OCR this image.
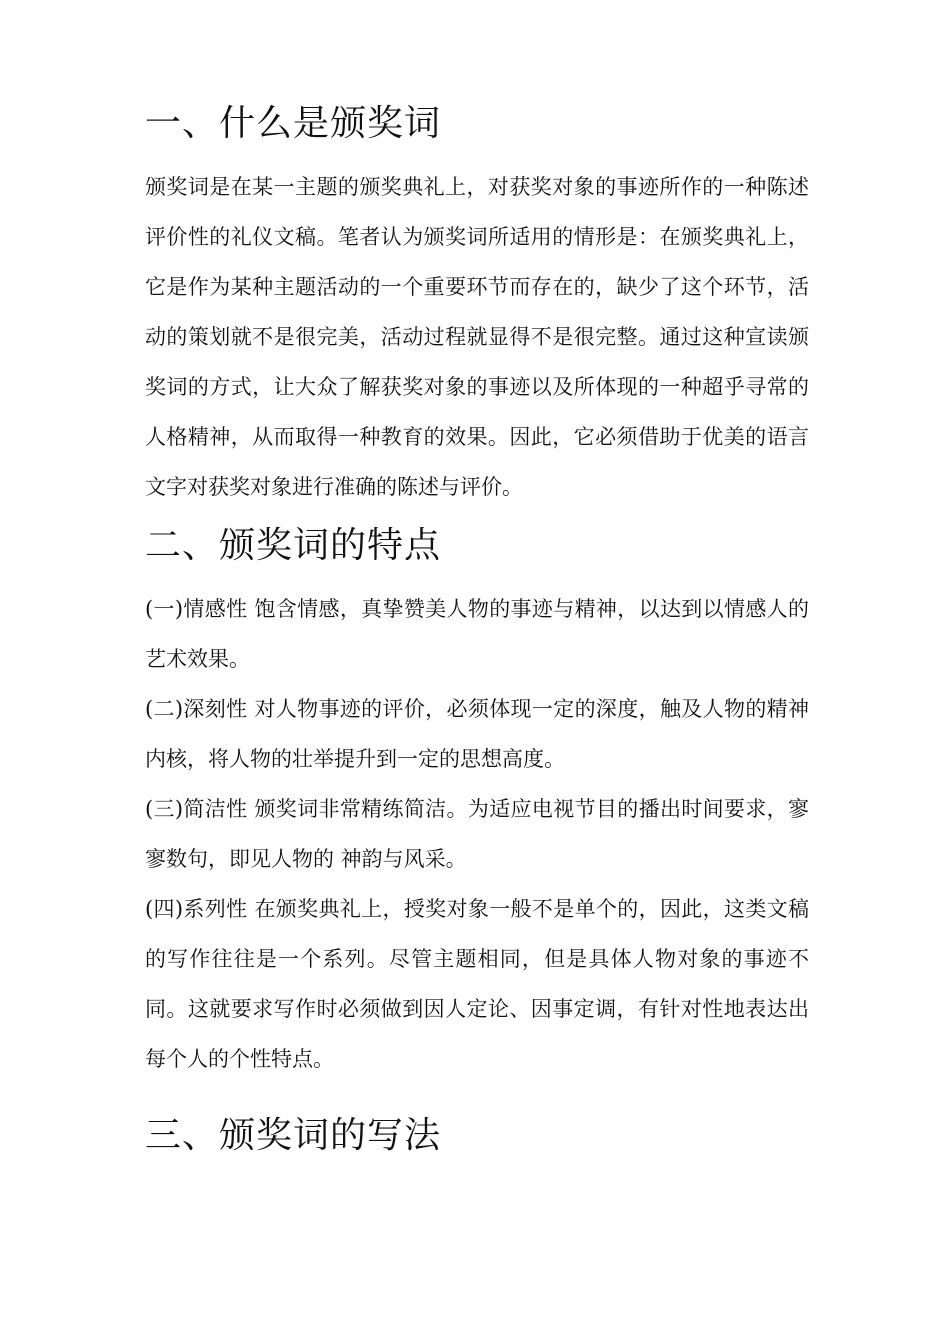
一、什么是颁奖词

颁奖词是在某一主题的颁奖典礼上，对获奖对象的事迹所作的一种陈述评价性的礼仪文稿。笔者认为颁奖词所适用的情形是：在颁奖典礼上，它是作为某种主题活动的一个重要环节而存在的，缺少了这个环节，活动的策划就不是很完美，活动过程就显得不是很完整。通过这种宣读颁奖词的方式，让大众了解获奖对象的事迹以及所体现的一种超乎寻常的人格精神，从而取得一种教育的效果。因此，它必须借助于优美的语言文字对获奖对象进行准确的陈述与评价。

二、颁奖词的特点

(一)情感性 饱含情感，真挚赞美人物的事迹与精神，以达到以情感人的艺术效果。

(二)深刻性 对人物事迹的评价，必须体现一定的深度，触及人物的精神内核，将人物的壮举提升到一定的思想高度。

(三)简洁性 颁奖词非常精练简洁。为适应电视节目的播出时间要求，寥寥数句，即见人物的 神韵与风采。

(四)系列性 在颁奖典礼上，授奖对象一般不是单个的，因此，这类文稿的写作往往是一个系列。尽管主题相同，但是具体人物对象的事迹不同。这就要求写作时必须做到因人定论、因事定调，有针对性地表达出每个人的个性特点。

三、颁奖词的写法
